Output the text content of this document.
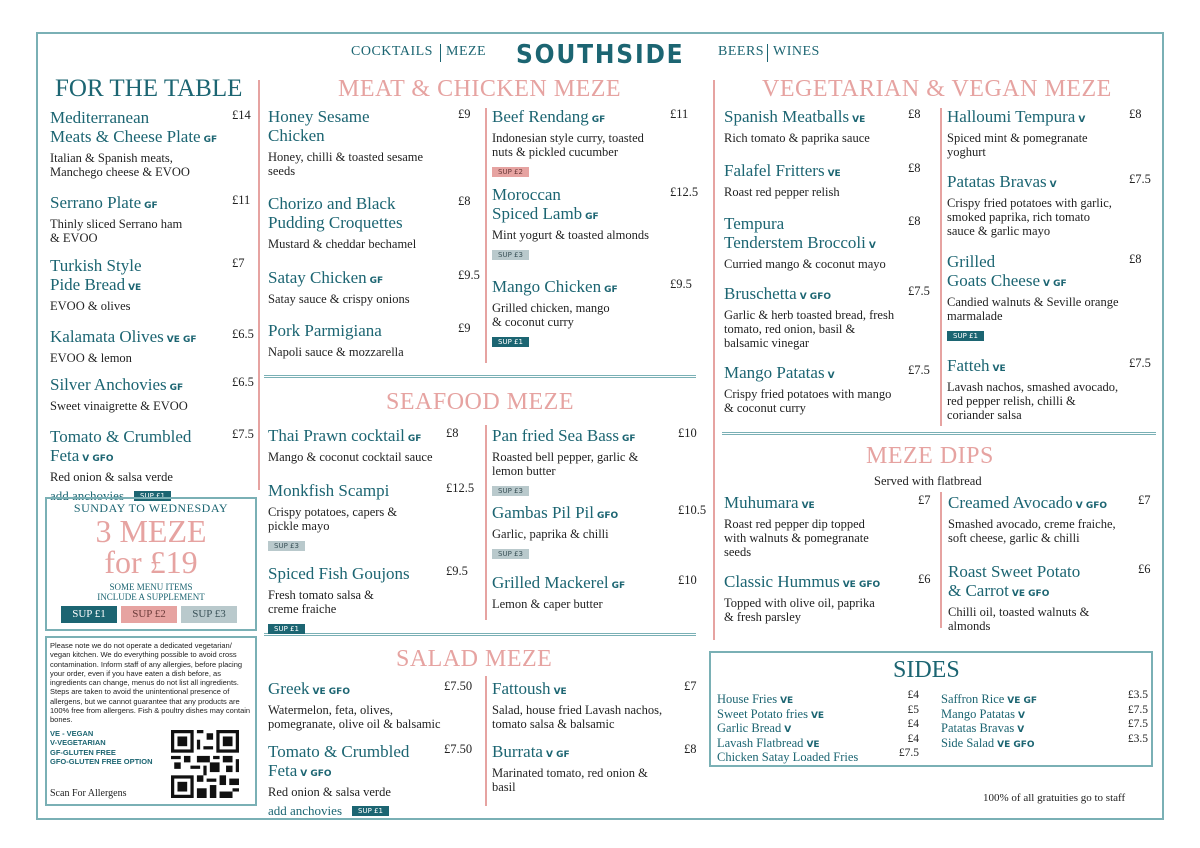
COCKTAILS MEZE SOUTHSIDE BEERS WINES
FOR THE TABLE
Mediterranean
Meats & Cheese Plate GF
£14
Italian & Spanish meats,
Manchego cheese & EVOO
Serrano Plate GF	£11
Thinly sliced Serrano ham
& EVOO
Turkish Style
Pide Bread VE
£7
EVOO & olives
Kalamata Olives VE GF	£6.5
EVOO & lemon
Silver Anchovies GF	£6.5
Sweet vinaigrette & EVOO
Tomato & Crumbled
Feta V GFO
£7.5
Red onion & salsa verde
add anchovies SUP £1
SUNDAY TO WEDNESDAY
3 MEZE
for £19
SOME MENU ITEMS
INCLUDE A SUPPLEMENT
SUP £1	SUP £2	SUP £3
Please note we do not operate a dedicated vegetarian/ vegan kitchen. We do everything possible to avoid cross contamination. Inform staff of any allergies, before placing your order, even if you have eaten a dish before, as ingredients can change, menus do not list all ingredients. Steps are taken to avoid the unintentional presence of allergens, but we cannot guarantee that any products are 100% free from allergens. Fish & poultry dishes may contain bones.
VE - VEGAN
V-VEGETARIAN
GF-GLUTEN FREE
GFO-GLUTEN FREE OPTION
Scan For Allergens
MEAT & CHICKEN MEZE
Honey Sesame
Chicken
£9
Honey, chilli & toasted sesame
seeds
Chorizo and Black
Pudding Croquettes
£8
Mustard & cheddar bechamel
Satay Chicken GF	£9.5
Satay sauce & crispy onions
Pork Parmigiana	£9
Napoli sauce & mozzarella
Beef Rendang GF	£11
Indonesian style curry, toasted
nuts & pickled cucumber
SUP £2
Moroccan
Spiced Lamb GF
£12.5
Mint yogurt & toasted almonds
SUP £3
Mango Chicken GF	£9.5
Grilled chicken, mango
& coconut curry
SUP £1
SEAFOOD MEZE
Thai Prawn cocktail GF	£8
Mango & coconut cocktail sauce
Monkfish Scampi	£12.5
Crispy potatoes, capers &
pickle mayo
SUP £3
Spiced Fish Goujons	£9.5
Fresh tomato salsa &
creme fraiche
SUP £1
Pan fried Sea Bass GF	£10
Roasted bell pepper, garlic &
lemon butter
SUP £3
Gambas Pil Pil GFO	£10.5
Garlic, paprika & chilli
SUP £3
Grilled Mackerel GF	£10
Lemon & caper butter
SALAD MEZE
Greek VE GFO	£7.50
Watermelon, feta, olives,
pomegranate, olive oil & balsamic
Tomato & Crumbled
Feta V GFO
£7.50
Red onion & salsa verde
add anchovies SUP £1
Fattoush VE	£7
Salad, house fried Lavash nachos,
tomato salsa & balsamic
Burrata V GF	£8
Marinated tomato, red onion &
basil
VEGETARIAN & VEGAN MEZE
Spanish Meatballs VE	£8
Rich tomato & paprika sauce
Falafel Fritters VE	£8
Roast red pepper relish
Tempura
Tenderstem Broccoli V
£8
Curried mango & coconut mayo
Bruschetta V GFO	£7.5
Garlic & herb toasted bread, fresh
tomato, red onion, basil &
balsamic vinegar
Mango Patatas V	£7.5
Crispy fried potatoes with mango
& coconut curry
Halloumi Tempura V	£8
Spiced mint & pomegranate
yoghurt
Patatas Bravas V	£7.5
Crispy fried potatoes with garlic,
smoked paprika, rich tomato
sauce & garlic mayo
Grilled
Goats Cheese V GF
£8
Candied walnuts & Seville orange
marmalade
SUP £1
Fatteh VE	£7.5
Lavash nachos, smashed avocado,
red pepper relish, chilli &
coriander salsa
MEZE DIPS
Served with flatbread
Muhumara VE	£7
Roast red pepper dip topped
with walnuts & pomegranate
seeds
Classic Hummus VE GFO	£6
Topped with olive oil, paprika
& fresh parsley
Creamed Avocado V GFO	£7
Smashed avocado, creme fraiche,
soft cheese, garlic & chilli
Roast Sweet Potato
& Carrot VE GFO
£6
Chilli oil, toasted walnuts &
almonds
SIDES
House Fries VE	£4
Sweet Potato fries VE	£5
Garlic Bread V	£4
Lavash Flatbread VE	£4
Chicken Satay Loaded Fries	£7.5
Saffron Rice VE GF	£3.5
Mango Patatas V	£7.5
Patatas Bravas V	£7.5
Side Salad VE GFO	£3.5
100% of all gratuities go to staff
